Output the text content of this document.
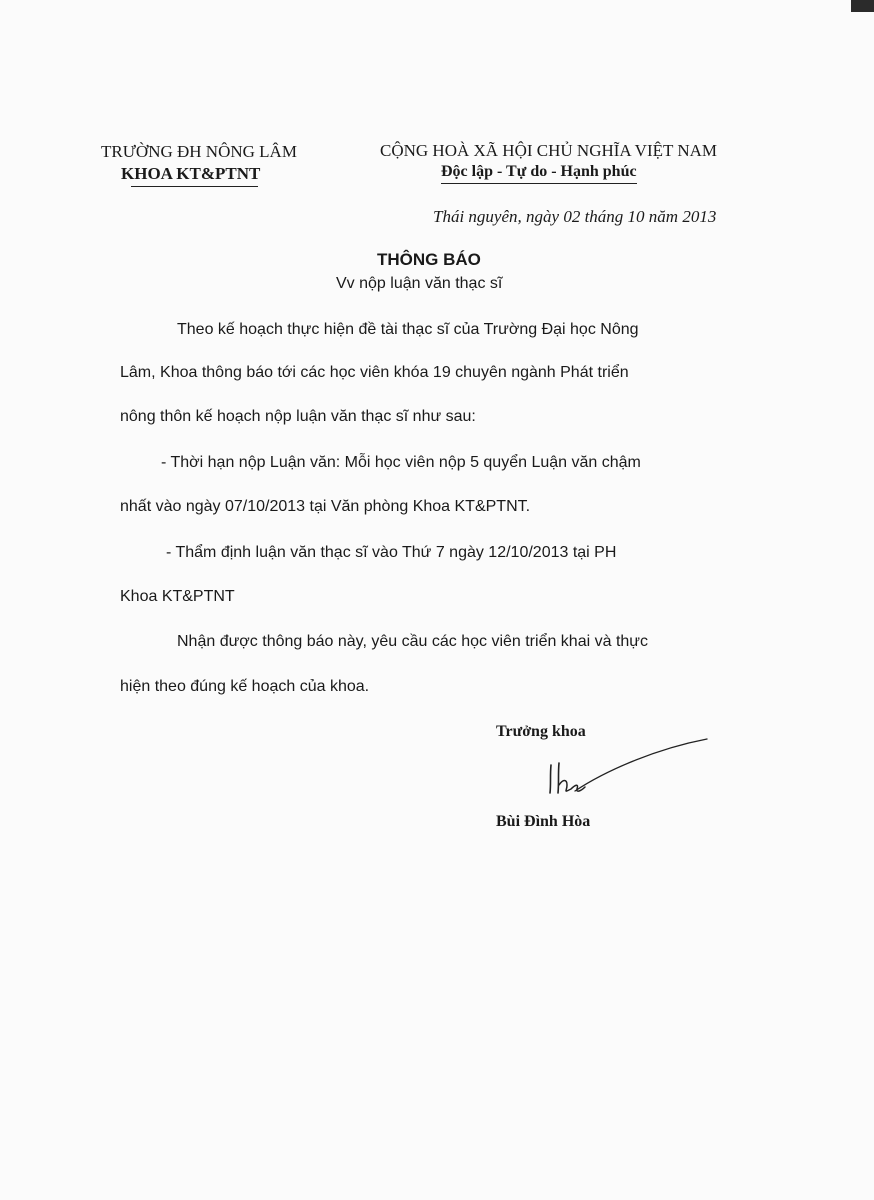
TRƯỜNG ĐH NÔNG LÂM
KHOA KT&PTNT
CỘNG HOÀ XÃ HỘI CHỦ NGHĨA VIỆT NAM
Độc lập - Tự do - Hạnh phúc
Thái nguyên, ngày 02 tháng 10 năm 2013
THÔNG BÁO
Vv nộp luận văn thạc sĩ
Theo kế hoạch thực hiện đề tài thạc sĩ của Trường Đại học Nông
Lâm, Khoa thông báo tới các học viên khóa 19 chuyên ngành Phát triển
nông thôn kế hoạch nộp luận văn thạc sĩ như sau:
- Thời hạn nộp Luận văn: Mỗi học viên nộp 5 quyển Luận văn chậm
nhất vào ngày 07/10/2013 tại Văn phòng Khoa KT&PTNT.
- Thẩm định luận văn thạc sĩ vào Thứ 7 ngày 12/10/2013 tại PH
Khoa KT&PTNT
Nhận được thông báo này, yêu cầu các học viên triển khai và thực
hiện theo đúng kế hoạch của khoa.
Trưởng khoa
Bùi Đình Hòa
